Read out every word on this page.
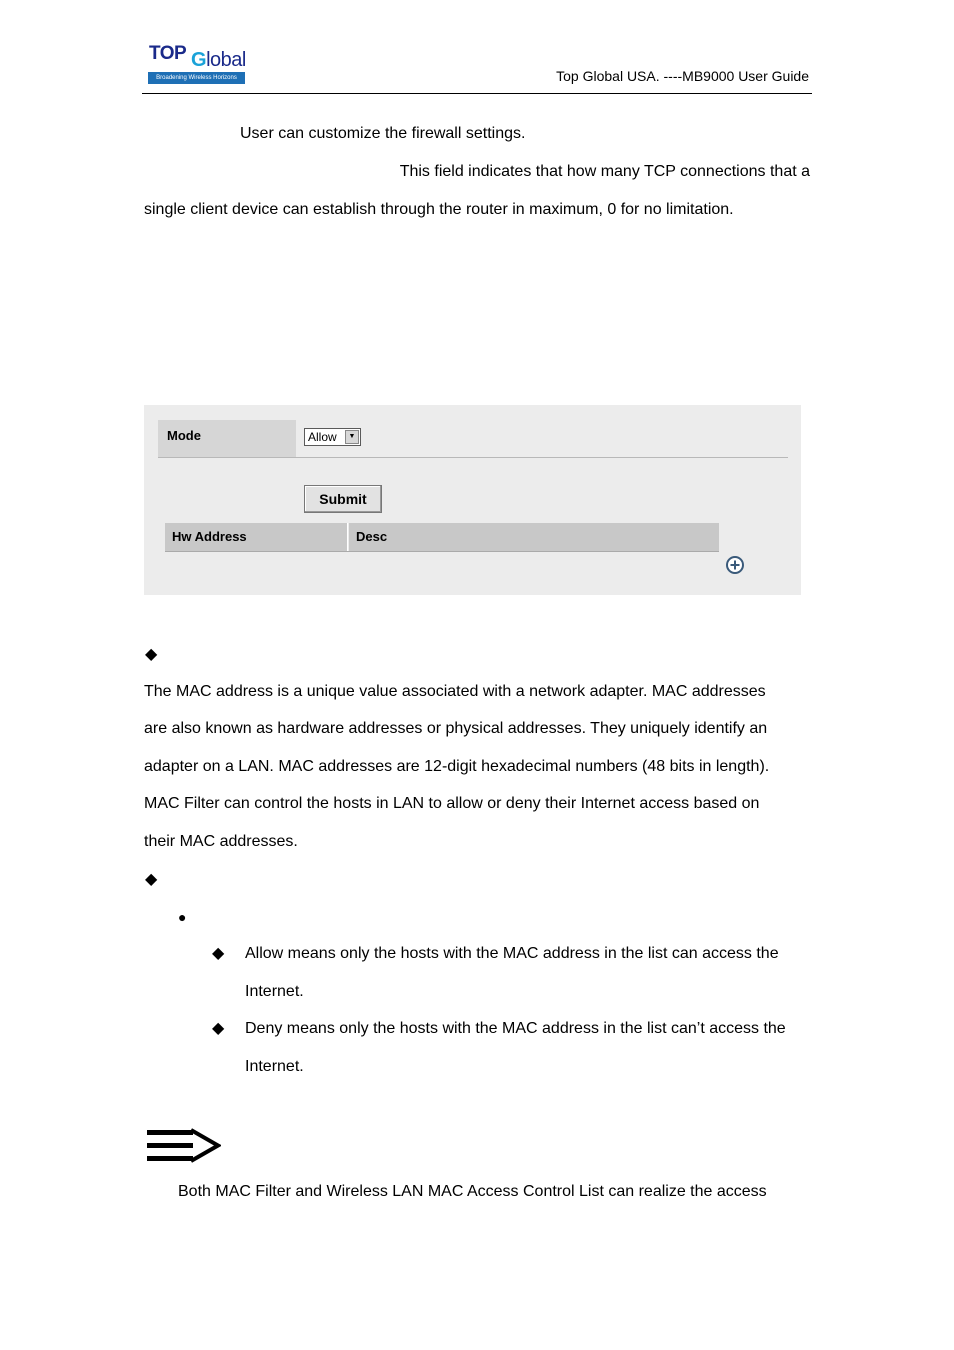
TOP Global
Broadening Wireless Horizons	Top Global USA. ----MB9000 User Guide
User can customize the firewall settings.
This field indicates that how many TCP connections that a
single client device can establish through the router in maximum, 0 for no limitation.
Mode	Allow	▼
Submit
Hw Address	Desc
◆
The MAC address is a unique value associated with a network adapter. MAC addresses
are also known as hardware addresses or physical addresses. They uniquely identify an
adapter on a LAN. MAC addresses are 12-digit hexadecimal numbers (48 bits in length).
MAC Filter can control the hosts in LAN to allow or deny their Internet access based on
their MAC addresses.
◆
●
◆ Allow means only the hosts with the MAC address in the list can access the
Internet.
◆ Deny means only the hosts with the MAC address in the list can’t access the
Internet.
Both MAC Filter and Wireless LAN MAC Access Control List can realize the access
